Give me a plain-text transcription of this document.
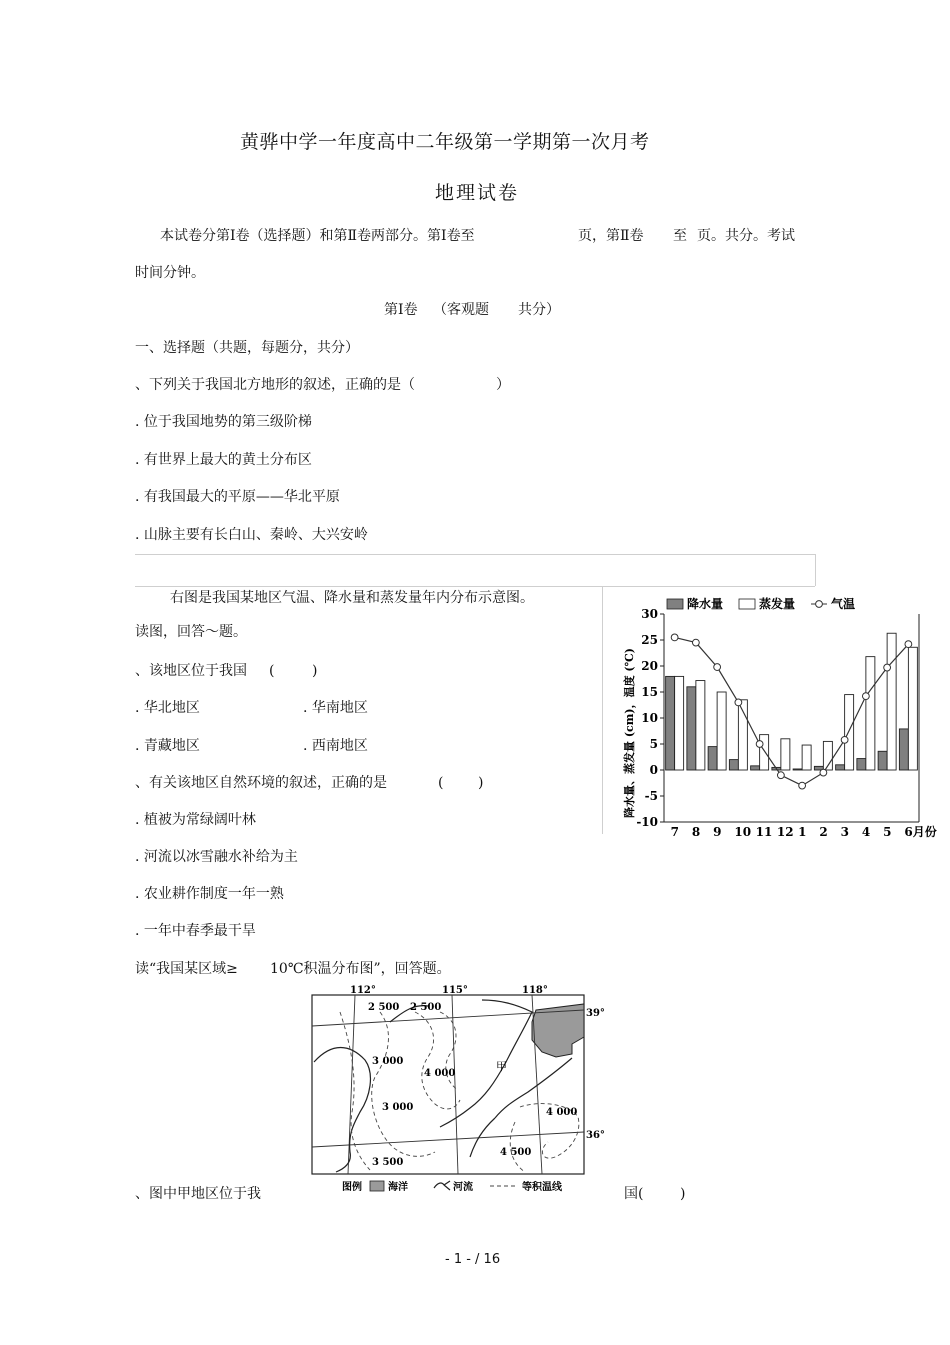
黄骅中学一年度高中二年级第一学期第一次月考
地理试卷
本试卷分第Ⅰ卷（选择题）和第Ⅱ卷两部分。第Ⅰ卷至	页，第Ⅱ卷 至 页。共分。考试
时间分钟。
第Ⅰ卷 （客观题 共分）
一、选择题（共题，每题分，共分）
、下列关于我国北方地形的叙述，正确的是（	）
. 位于我国地势的第三级阶梯
. 有世界上最大的黄土分布区
. 有我国最大的平原——华北平原
. 山脉主要有长白山、秦岭、大兴安岭
右图是我国某地区气温、降水量和蒸发量年内分布示意图。
读图，回答～题。
、该地区位于我国 (	)
. 华北地区	. 华南地区
. 青藏地区	. 西南地区
、有关该地区自然环境的叙述，正确的是	( )
. 植被为常绿阔叶林
. 河流以冰雪融水补给为主
. 农业耕作制度一年一熟
. 一年中春季最干旱
降水量	蒸发量	气温
降水量、蒸发量 (cm)，温度 (℃)
30
25
20
15
10
5
0
-5
-10
7 8 9 10 11 12 1 2 3 4 5 6月份
读“我国某区域≥ 10℃积温分布图”，回答题。
112°	115°	118°
39°
36°
2 500 2 500
3 000
4 000
3 000	4 000
3 500
4 500
甲
图例	海洋	河流	等积温线
、图中甲地区位于我	国(	)
- 1 - / 16
